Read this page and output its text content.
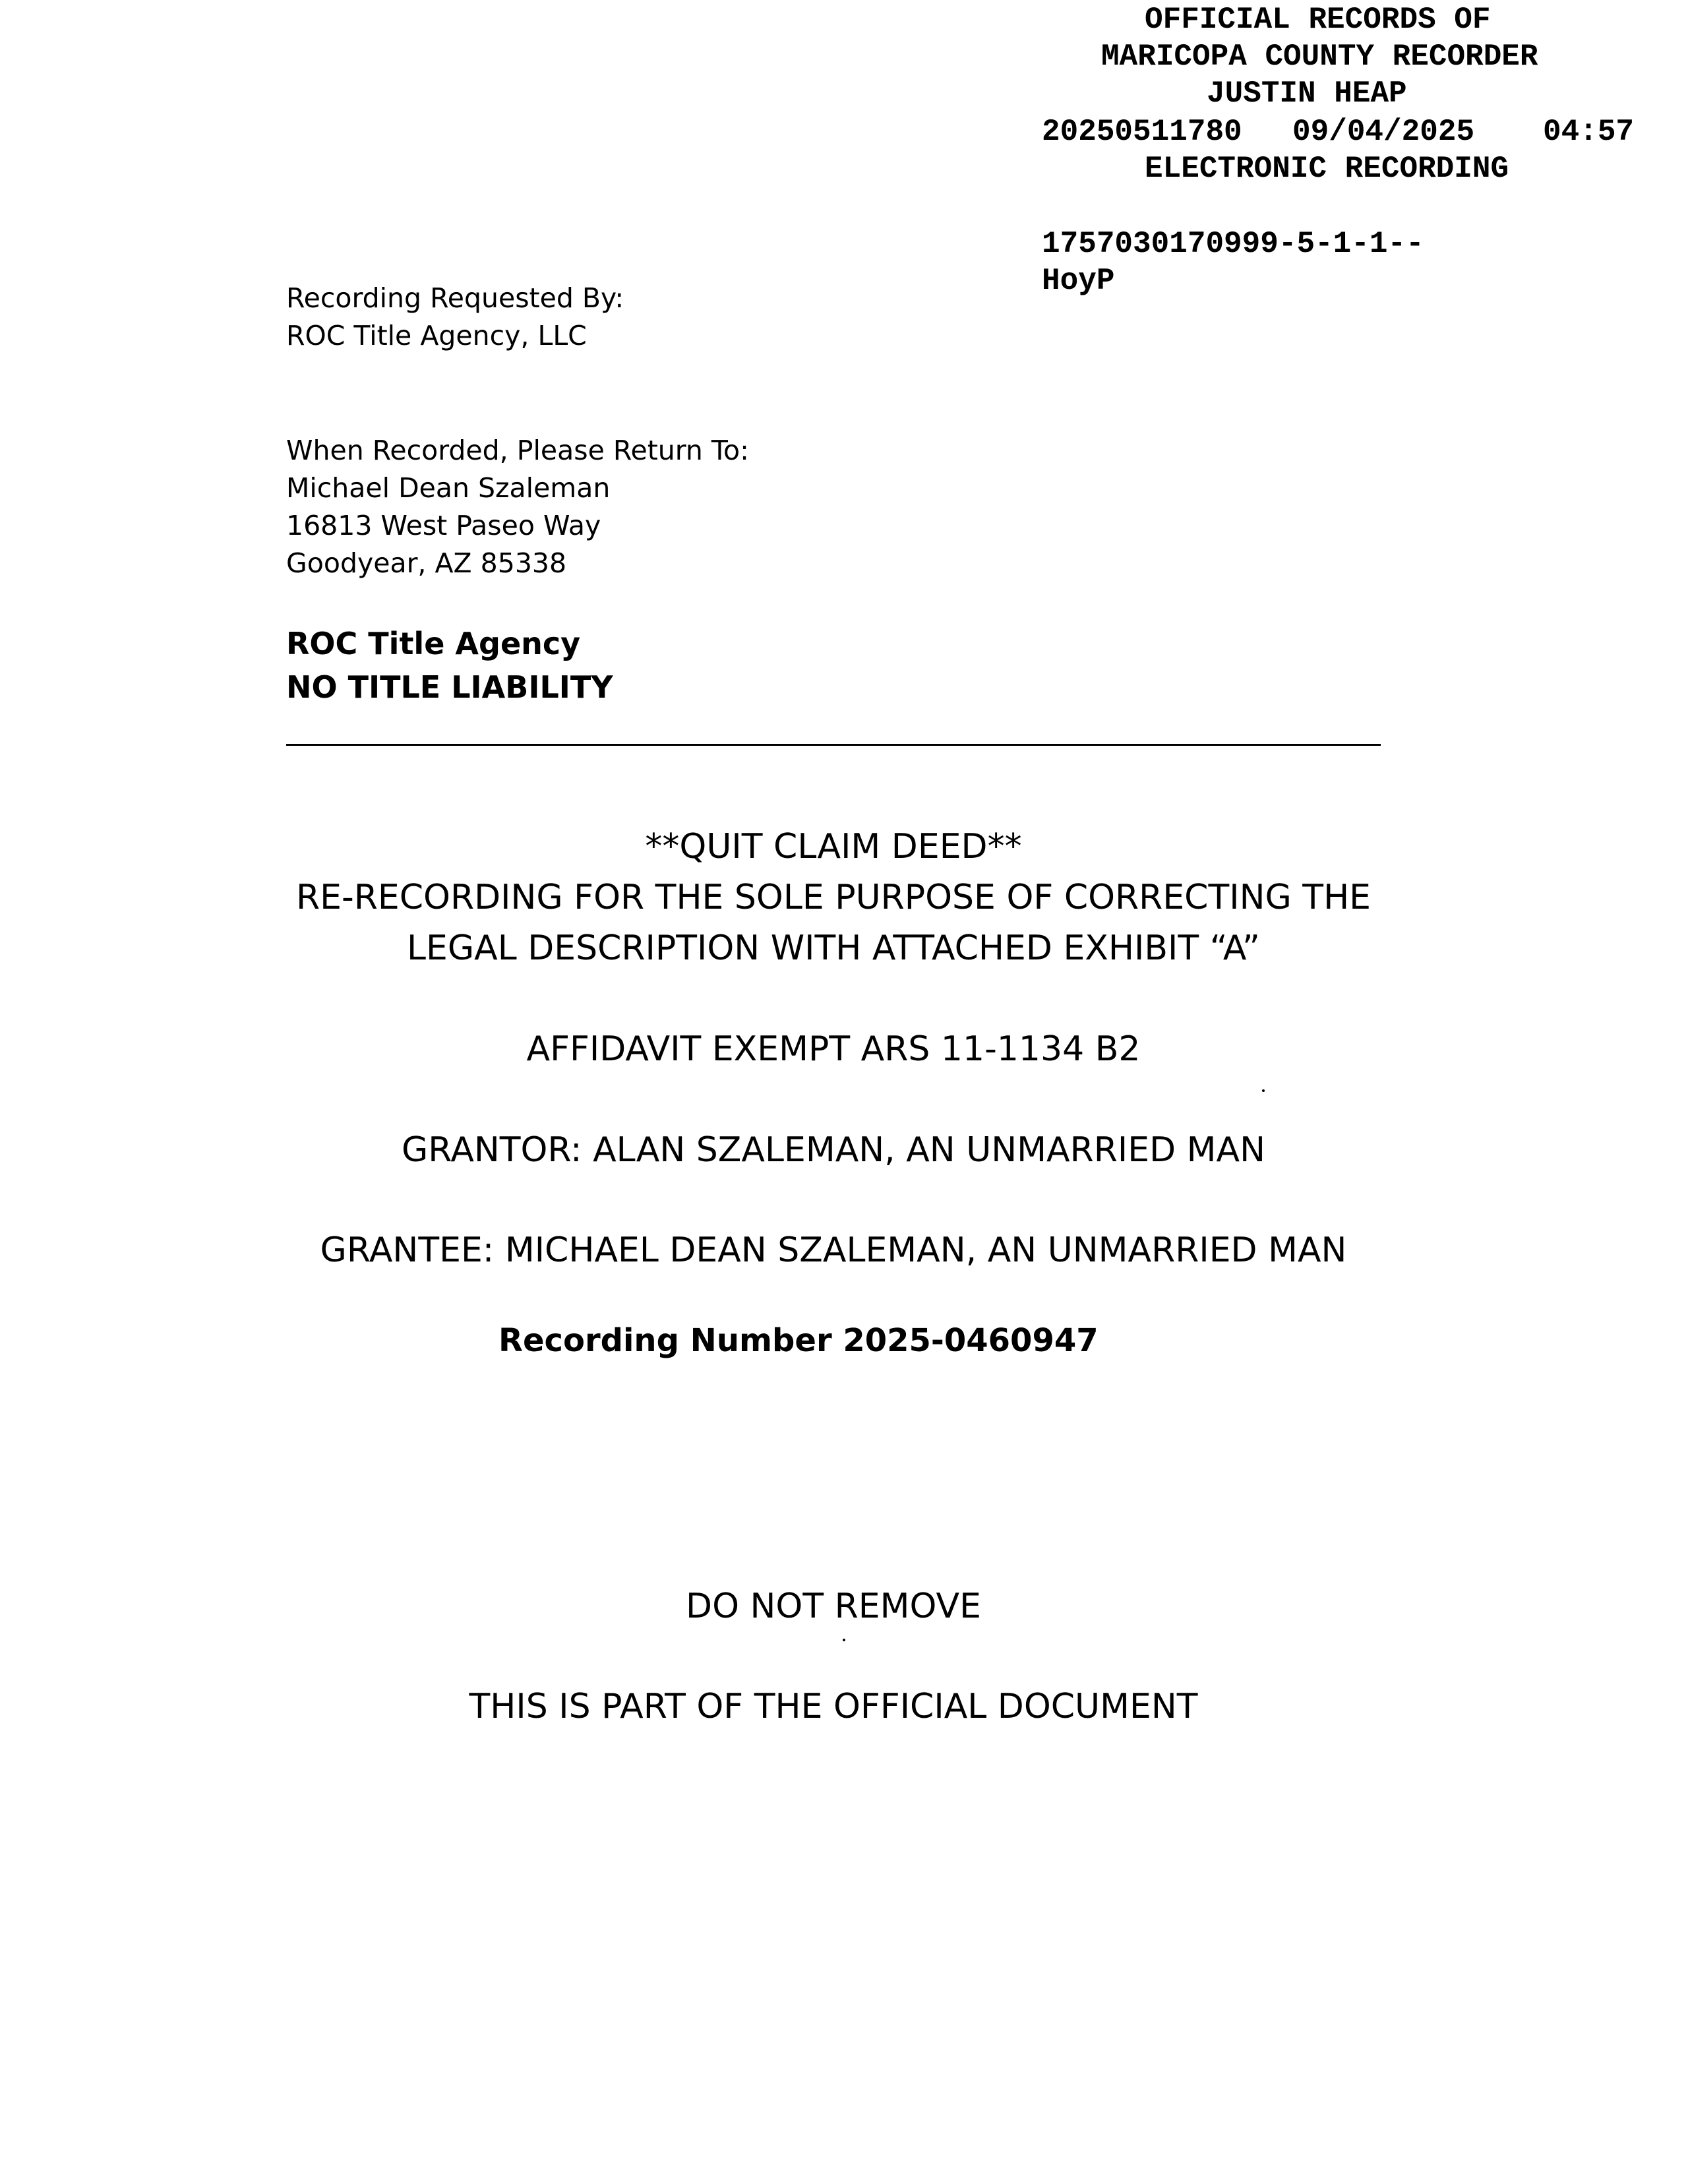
OFFICIAL RECORDS OF
MARICOPA COUNTY RECORDER
JUSTIN HEAP
20250511780 09/04/2025 04:57
ELECTRONIC RECORDING
1757030170999-5-1-1--
HoyP
Recording Requested By:
ROC Title Agency, LLC
When Recorded, Please Return To:
Michael Dean Szaleman
16813 West Paseo Way
Goodyear, AZ 85338
ROC Title Agency
NO TITLE LIABILITY
**QUIT CLAIM DEED**
RE-RECORDING FOR THE SOLE PURPOSE OF CORRECTING THE
LEGAL DESCRIPTION WITH ATTACHED EXHIBIT “A”
AFFIDAVIT EXEMPT ARS 11-1134 B2
GRANTOR: ALAN SZALEMAN, AN UNMARRIED MAN
GRANTEE: MICHAEL DEAN SZALEMAN, AN UNMARRIED MAN
Recording Number 2025-0460947
DO NOT REMOVE
THIS IS PART OF THE OFFICIAL DOCUMENT
